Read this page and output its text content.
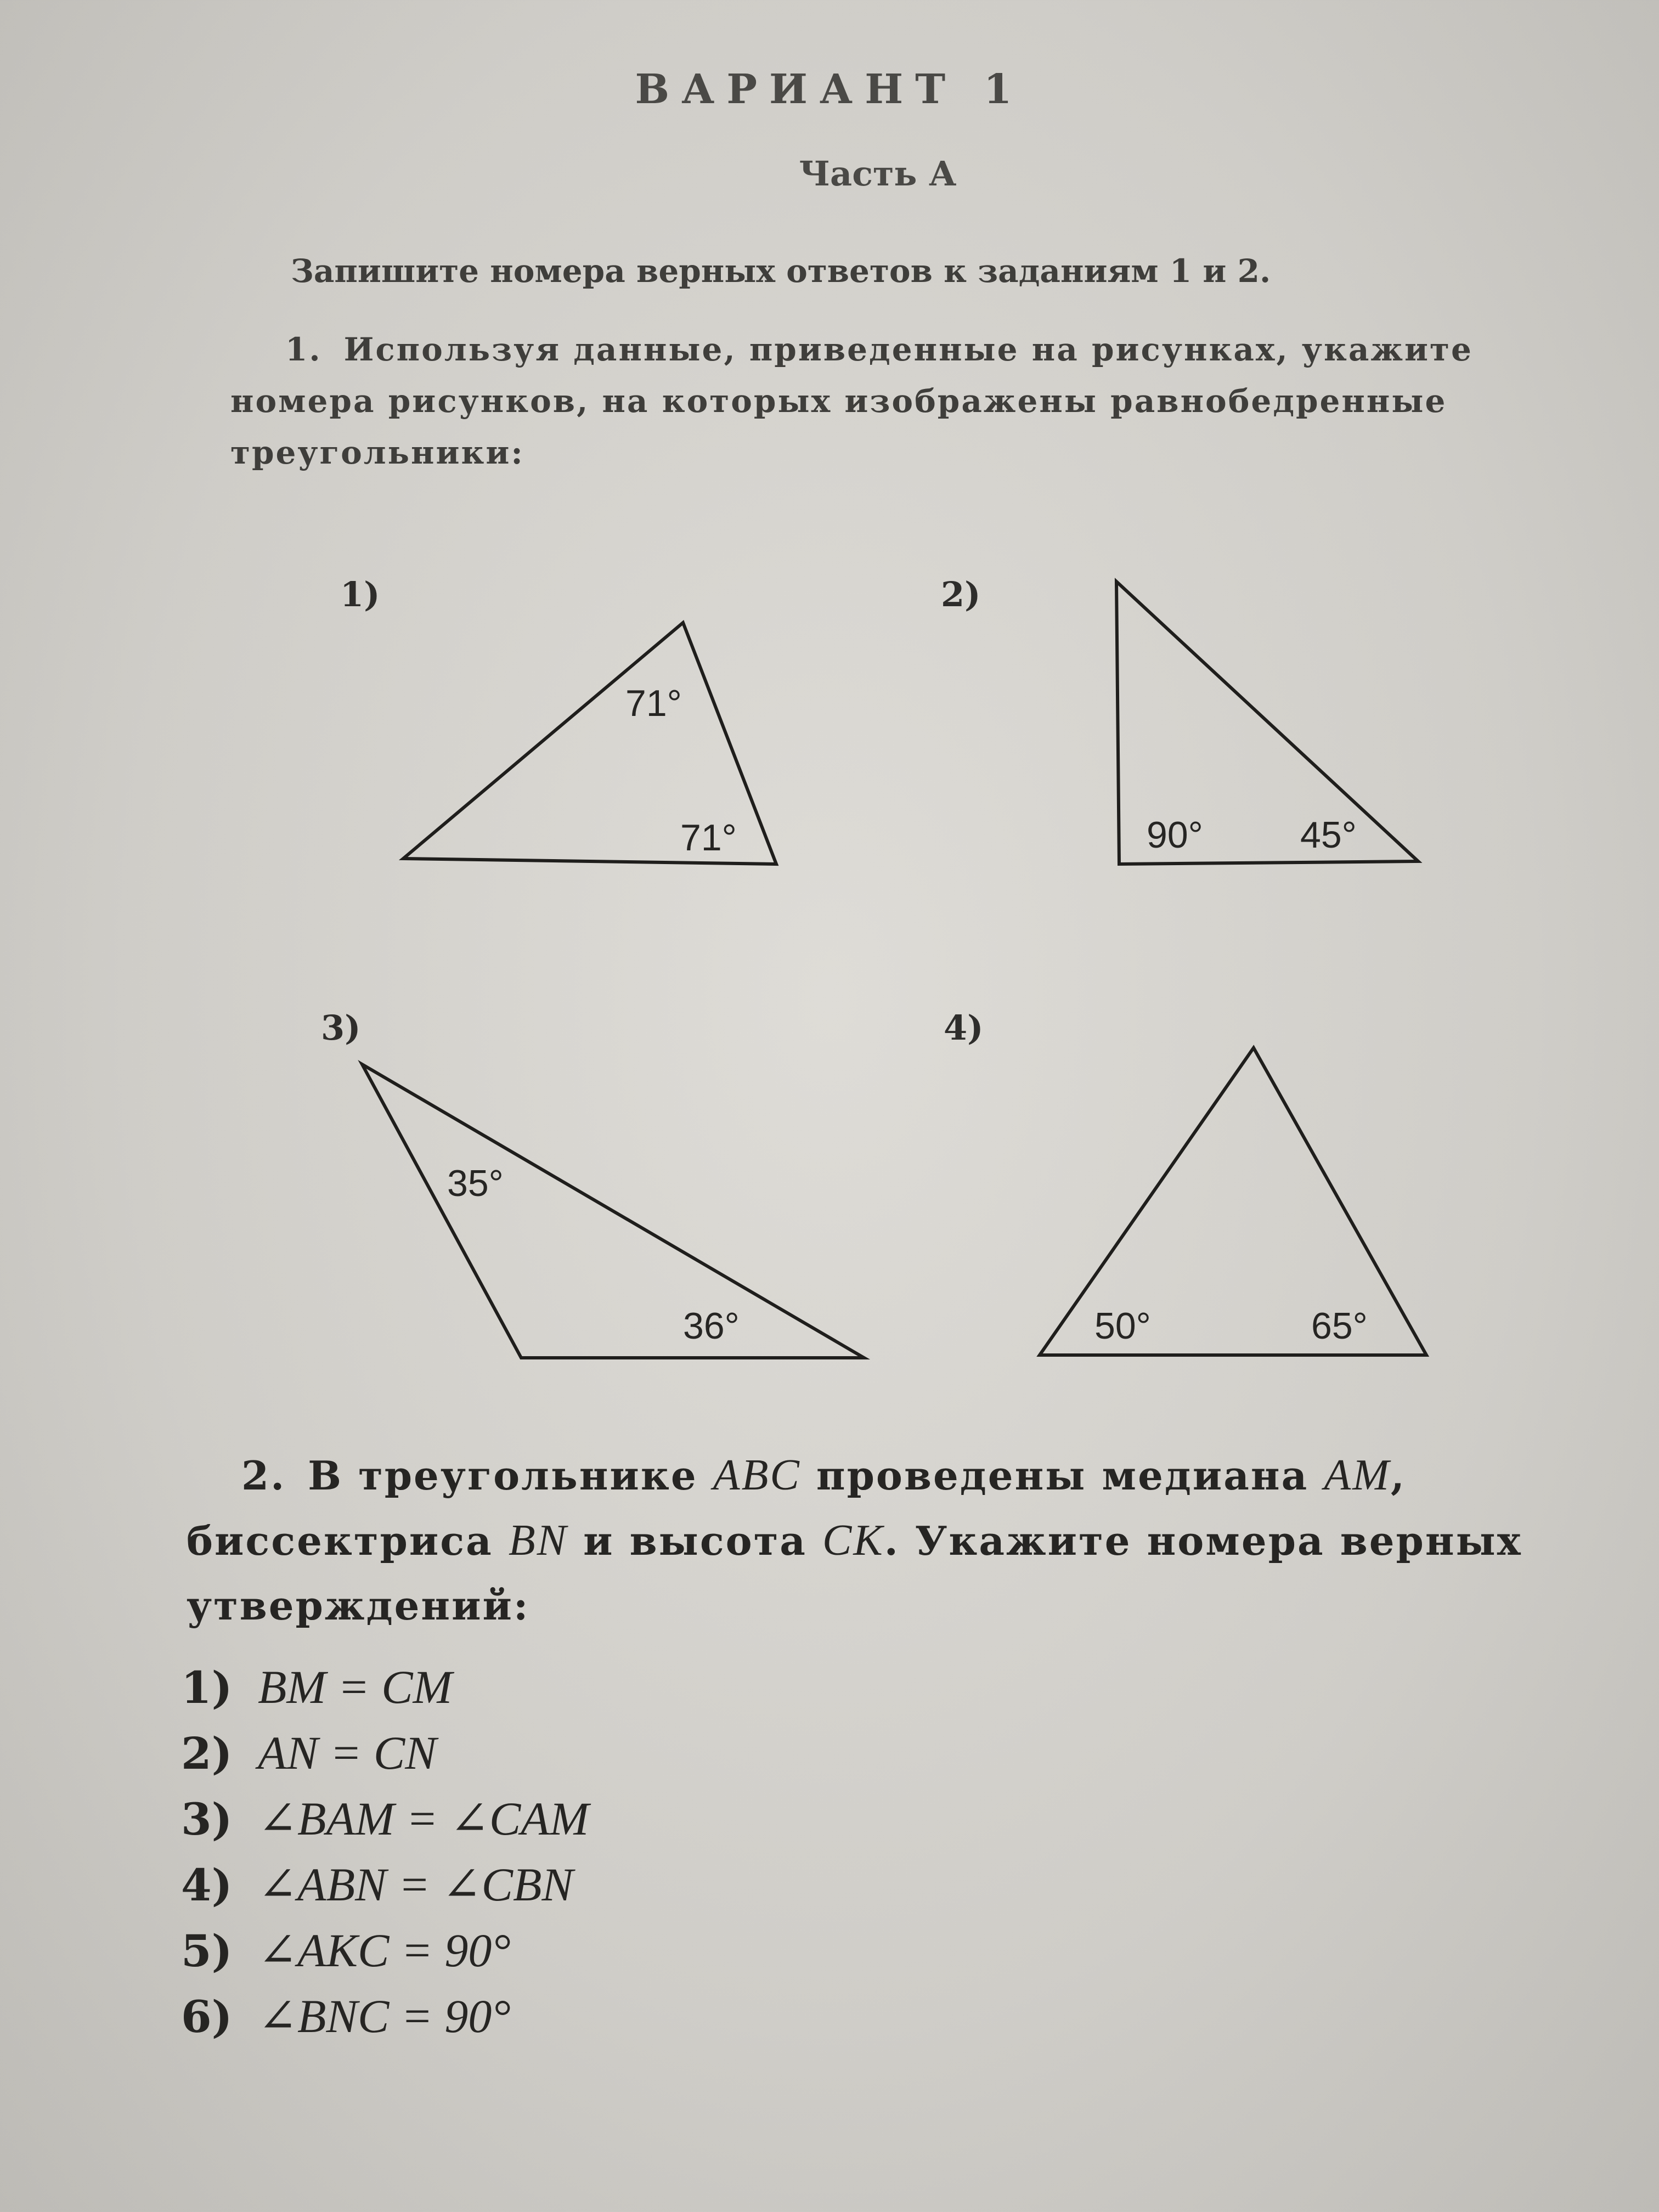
ВАРИАНТ 1
Часть А

Запишите номера верных ответов к заданиям 1 и 2.

1. Используя данные, приведенные на рисунках, укажите номера рисунков, на которых изображены равнобедренные треугольники:

1)	2)
3)	4)
71°
71°	90°	45°
35°
36°	50°	65°

2. В треугольнике ABC проведены медиана AM, биссектриса BN и высота CK. Укажите номера верных утверждений:

1) BM = CM
2) AN = CN
3) ∠BAM = ∠CAM
4) ∠ABN = ∠CBN
5) ∠AKC = 90°
6) ∠BNC = 90°
